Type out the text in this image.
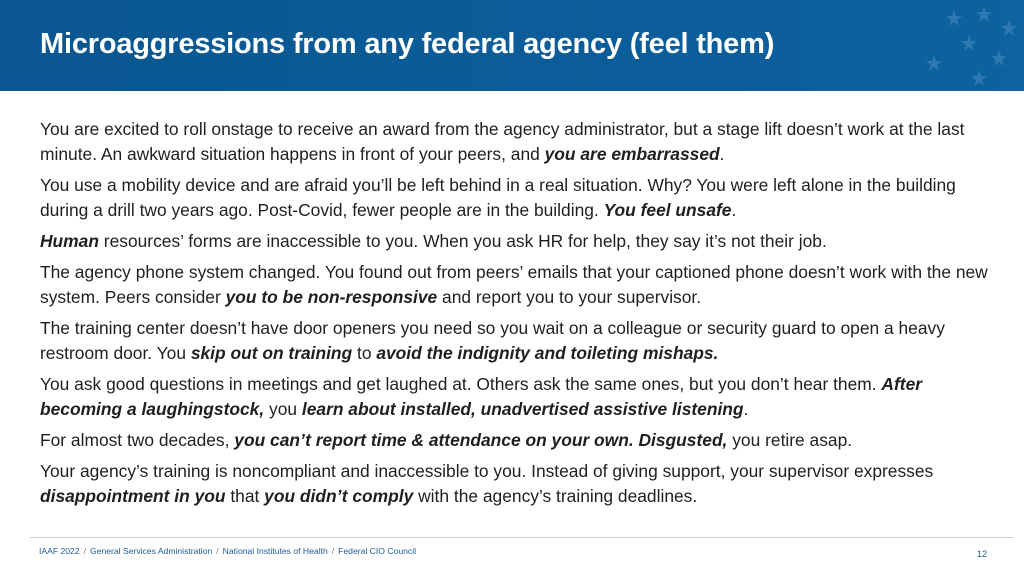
Microaggressions from any federal agency (feel them)

You are excited to roll onstage to receive an award from the agency administrator, but a stage lift doesn’t work at the last minute. An awkward situation happens in front of your peers, and you are embarrassed.

You use a mobility device and are afraid you’ll be left behind in a real situation. Why? You were left alone in the building during a drill two years ago. Post-Covid, fewer people are in the building. You feel unsafe.

Human resources’ forms are inaccessible to you. When you ask HR for help, they say it’s not their job.

The agency phone system changed. You found out from peers’ emails that your captioned phone doesn’t work with the new system. Peers consider you to be non-responsive and report you to your supervisor.

The training center doesn’t have door openers you need so you wait on a colleague or security guard to open a heavy restroom door. You skip out on training to avoid the indignity and toileting mishaps.

You ask good questions in meetings and get laughed at. Others ask the same ones, but you don’t hear them. After becoming a laughingstock, you learn about installed, unadvertised assistive listening.

For almost two decades, you can’t report time & attendance on your own. Disgusted, you retire asap.

Your agency’s training is noncompliant and inaccessible to you. Instead of giving support, your supervisor expresses disappointment in you that you didn’t comply with the agency’s training deadlines.

IAAF 2022 / General Services Administration / National Institutes of Health / Federal CIO Council	12
